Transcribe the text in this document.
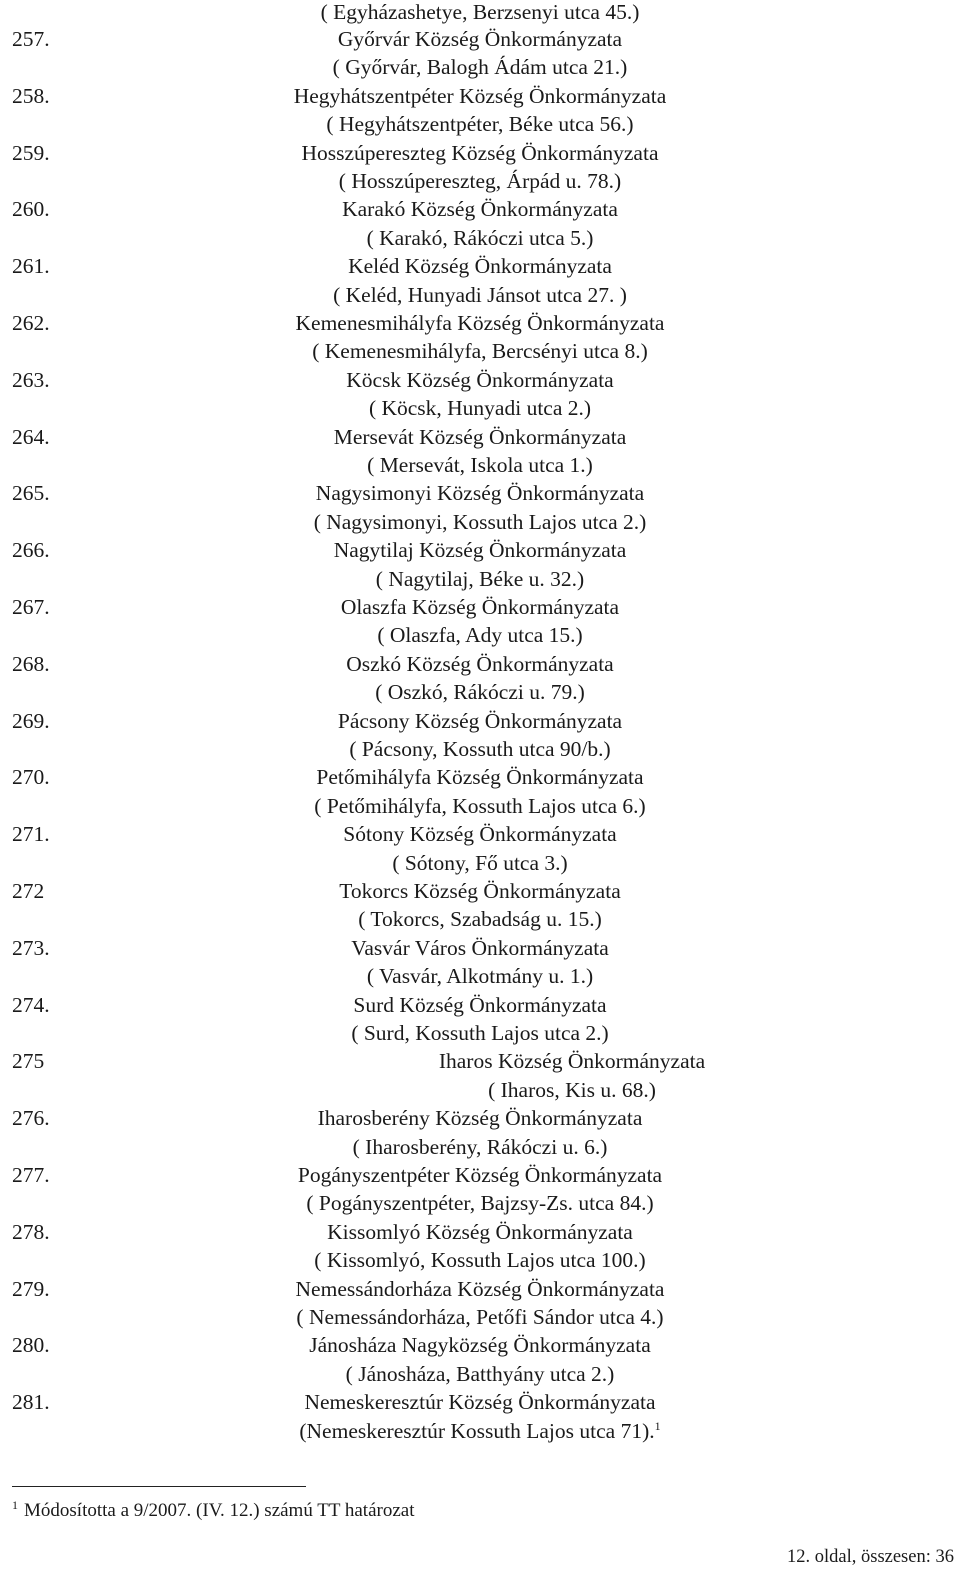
( Egyházashetye, Berzsenyi utca 45.)
257.	Győrvár Község Önkormányzata
( Győrvár, Balogh Ádám utca 21.)
258.	Hegyhátszentpéter Község Önkormányzata
( Hegyhátszentpéter, Béke utca 56.)
259.	Hosszúpereszteg Község Önkormányzata
( Hosszúpereszteg, Árpád u. 78.)
260.	Karakó Község Önkormányzata
( Karakó, Rákóczi utca 5.)
261.	Keléd Község Önkormányzata
( Keléd, Hunyadi Jánsot utca 27. )
262.	Kemenesmihályfa Község Önkormányzata
( Kemenesmihályfa, Bercsényi utca 8.)
263.	Köcsk Község Önkormányzata
( Köcsk, Hunyadi utca 2.)
264.	Mersevát Község Önkormányzata
( Mersevát, Iskola utca 1.)
265.	Nagysimonyi Község Önkormányzata
( Nagysimonyi, Kossuth Lajos utca 2.)
266.	Nagytilaj Község Önkormányzata
( Nagytilaj, Béke u. 32.)
267.	Olaszfa Község Önkormányzata
( Olaszfa, Ady utca 15.)
268.	Oszkó Község Önkormányzata
( Oszkó, Rákóczi u. 79.)
269.	Pácsony Község Önkormányzata
( Pácsony, Kossuth utca 90/b.)
270.	Petőmihályfa Község Önkormányzata
( Petőmihályfa, Kossuth Lajos utca 6.)
271.	Sótony Község Önkormányzata
( Sótony, Fő utca 3.)
272	Tokorcs Község Önkormányzata
( Tokorcs, Szabadság u. 15.)
273.	Vasvár Város Önkormányzata
( Vasvár, Alkotmány u. 1.)
274.	Surd Község Önkormányzata
( Surd, Kossuth Lajos utca 2.)
275	Iharos Község Önkormányzata
( Iharos, Kis u. 68.)
276.	Iharosberény Község Önkormányzata
( Iharosberény, Rákóczi u. 6.)
277.	Pogányszentpéter Község Önkormányzata
( Pogányszentpéter, Bajzsy-Zs. utca 84.)
278.	Kissomlyó Község Önkormányzata
( Kissomlyó, Kossuth Lajos utca 100.)
279.	Nemessándorháza Község Önkormányzata
( Nemessándorháza, Petőfi Sándor utca 4.)
280.	Jánosháza Nagyközség Önkormányzata
( Jánosháza, Batthyány utca 2.)
281.	Nemeskeresztúr Község Önkormányzata
(Nemeskeresztúr Kossuth Lajos utca 71).$^1$
$^1$ Módosította a 9/2007. (IV. 12.) számú TT határozat
12. oldal, összesen: 36
